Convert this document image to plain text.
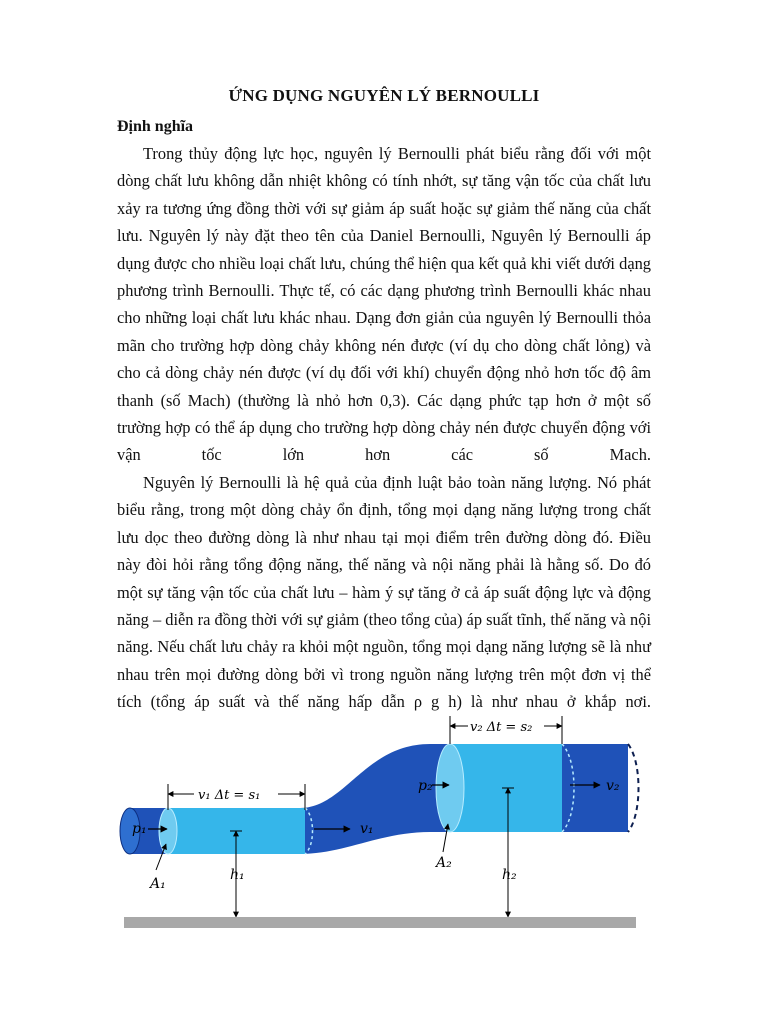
ỨNG DỤNG NGUYÊN LÝ BERNOULLI
Định nghĩa

Trong thủy động lực học, nguyên lý Bernoulli phát biểu rằng đối với một dòng chất lưu không dẫn nhiệt không có tính nhớt, sự tăng vận tốc của chất lưu xảy ra tương ứng đồng thời với sự giảm áp suất hoặc sự giảm thế năng của chất lưu. Nguyên lý này đặt theo tên của Daniel Bernoulli, Nguyên lý Bernoulli áp dụng được cho nhiều loại chất lưu, chúng thể hiện qua kết quả khi viết dưới dạng phương trình Bernoulli. Thực tế, có các dạng phương trình Bernoulli khác nhau cho những loại chất lưu khác nhau. Dạng đơn giản của nguyên lý Bernoulli thỏa mãn cho trường hợp dòng chảy không nén được (ví dụ cho dòng chất lỏng) và cho cả dòng chảy nén được (ví dụ đối với khí) chuyển động nhỏ hơn tốc độ âm thanh (số Mach) (thường là nhỏ hơn 0,3). Các dạng phức tạp hơn ở một số trường hợp có thể áp dụng cho trường hợp dòng chảy nén được chuyển động với vận tốc lớn hơn các số Mach.

Nguyên lý Bernoulli là hệ quả của định luật bảo toàn năng lượng. Nó phát biểu rằng, trong một dòng chảy ổn định, tổng mọi dạng năng lượng trong chất lưu dọc theo đường dòng là như nhau tại mọi điểm trên đường dòng đó. Điều này đòi hỏi rằng tổng động năng, thế năng và nội năng phải là hằng số. Do đó một sự tăng vận tốc của chất lưu – hàm ý sự tăng ở cả áp suất động lực và động năng – diễn ra đồng thời với sự giảm (theo tổng của) áp suất tĩnh, thế năng và nội năng. Nếu chất lưu chảy ra khỏi một nguồn, tổng mọi dạng năng lượng sẽ là như nhau trên mọi đường dòng bởi vì trong nguồn năng lượng trên một đơn vị thể tích (tổng áp suất và thế năng hấp dẫn ρ g h) là như nhau ở khắp nơi.

v₁ Δt = s₁
v₂ Δt = s₂
p₁	v₁
p₂	v₂
A₁
A₂
h₁	h₂
